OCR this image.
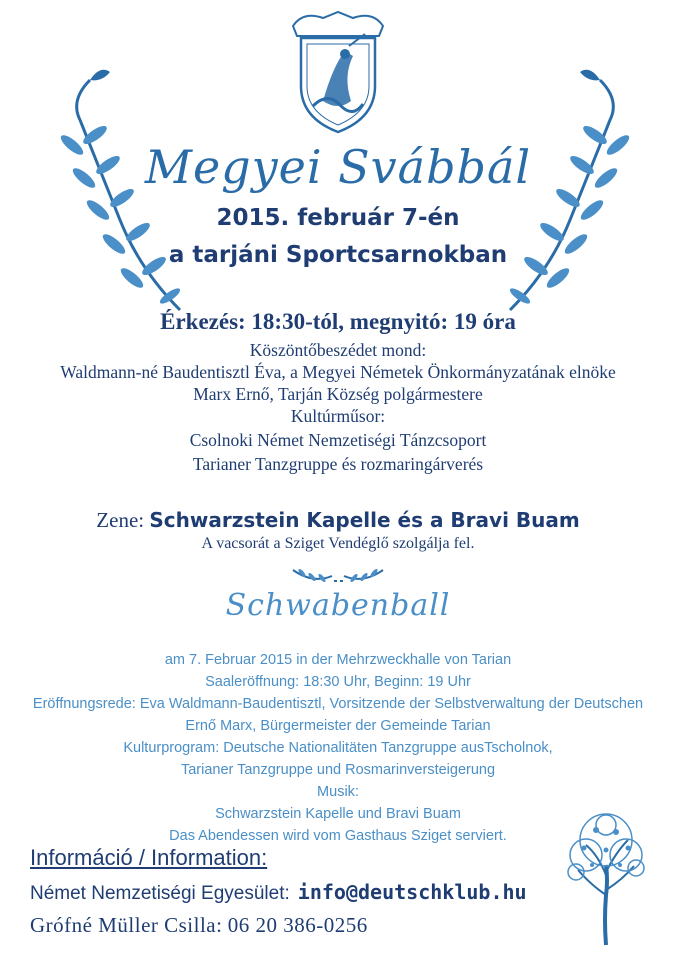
Megyei Svábbál
2015. február 7-én
a tarjáni Sportcsarnokban
Érkezés: 18:30-tól, megnyitó: 19 óra
Köszöntőbeszédet mond:
Waldmann-né Baudentisztl Éva, a Megyei Németek Önkormányzatának elnöke
Marx Ernő, Tarján Község polgármestere
Kultúrműsor:
Csolnoki Német Nemzetiségi Tánzcsoport
Tarianer Tanzgruppe és rozmaringárverés
Zene: Schwarzstein Kapelle és a Bravi Buam
A vacsorát a Sziget Vendéglő szolgálja fel.
Schwabenball
am 7. Februar 2015 in der Mehrzweckhalle von Tarian
Saaleröffnung: 18:30 Uhr, Beginn: 19 Uhr
Eröffnungsrede: Eva Waldmann-Baudentisztl, Vorsitzende der Selbstverwaltung der Deutschen
Ernő Marx, Bürgermeister der Gemeinde Tarian
Kulturprogram: Deutsche Nationalitäten Tanzgruppe ausTscholnok,
Tarianer Tanzgruppe und Rosmarinversteigerung
Musik:
Schwarzstein Kapelle und Bravi Buam
Das Abendessen wird vom Gasthaus Sziget serviert.
Információ / Information:
Német Nemzetiségi Egyesület: info@deutschklub.hu
Grófné Müller Csilla: 06 20 386-0256
